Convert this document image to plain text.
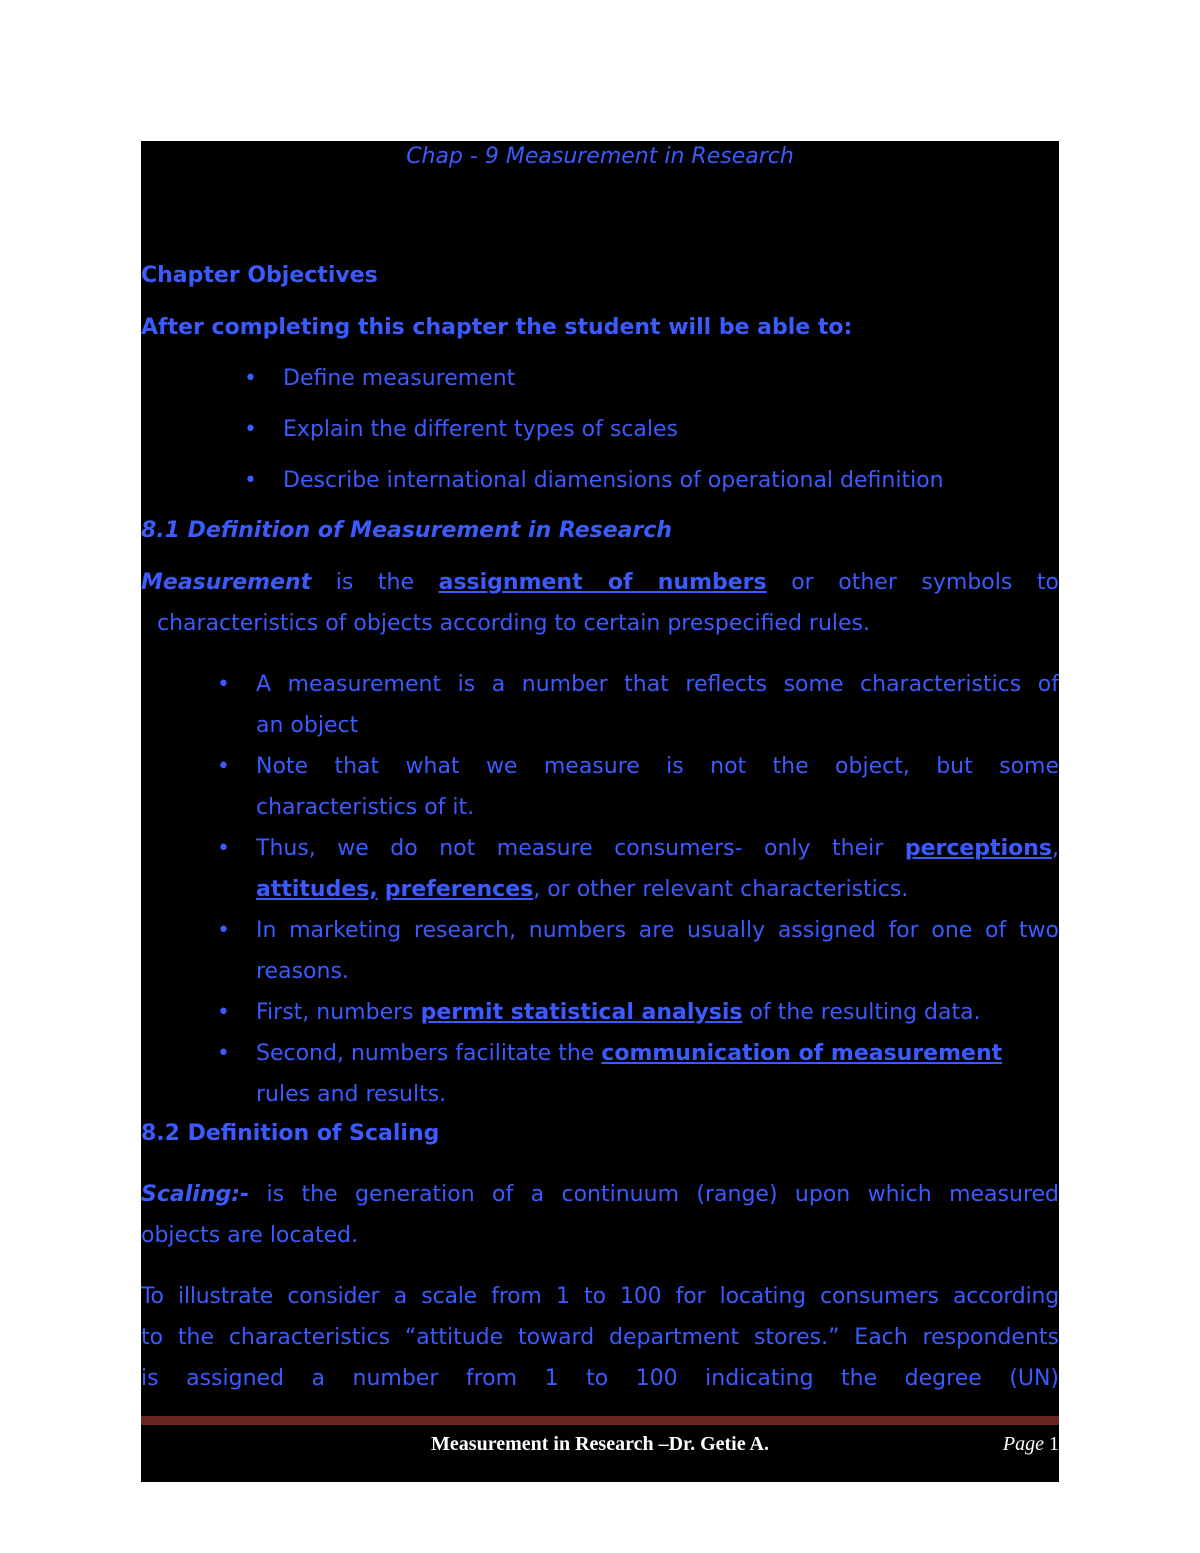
Chap - 9 Measurement in Research
Chapter Objectives
After completing this chapter the student will be able to:
• Define measurement
• Explain the different types of scales
• Describe international diamensions of operational definition
8.1 Definition of Measurement in Research
Measurement is the assignment of numbers or other symbols to
characteristics of objects according to certain prespecified rules.
• A measurement is a number that reflects some characteristics of
an object
• Note that what we measure is not the object, but some
characteristics of it.
• Thus, we do not measure consumers- only their perceptions,
attitudes, preferences, or other relevant characteristics.
• In marketing research, numbers are usually assigned for one of two
reasons.
• First, numbers permit statistical analysis of the resulting data.
• Second, numbers facilitate the communication of measurement
rules and results.
8.2 Definition of Scaling
Scaling:- is the generation of a continuum (range) upon which measured
objects are located.
To illustrate consider a scale from 1 to 100 for locating consumers according
to the characteristics “attitude toward department stores.” Each respondents
is assigned a number from 1 to 100 indicating the degree (UN)
Measurement in Research –Dr. Getie A.	Page 1
